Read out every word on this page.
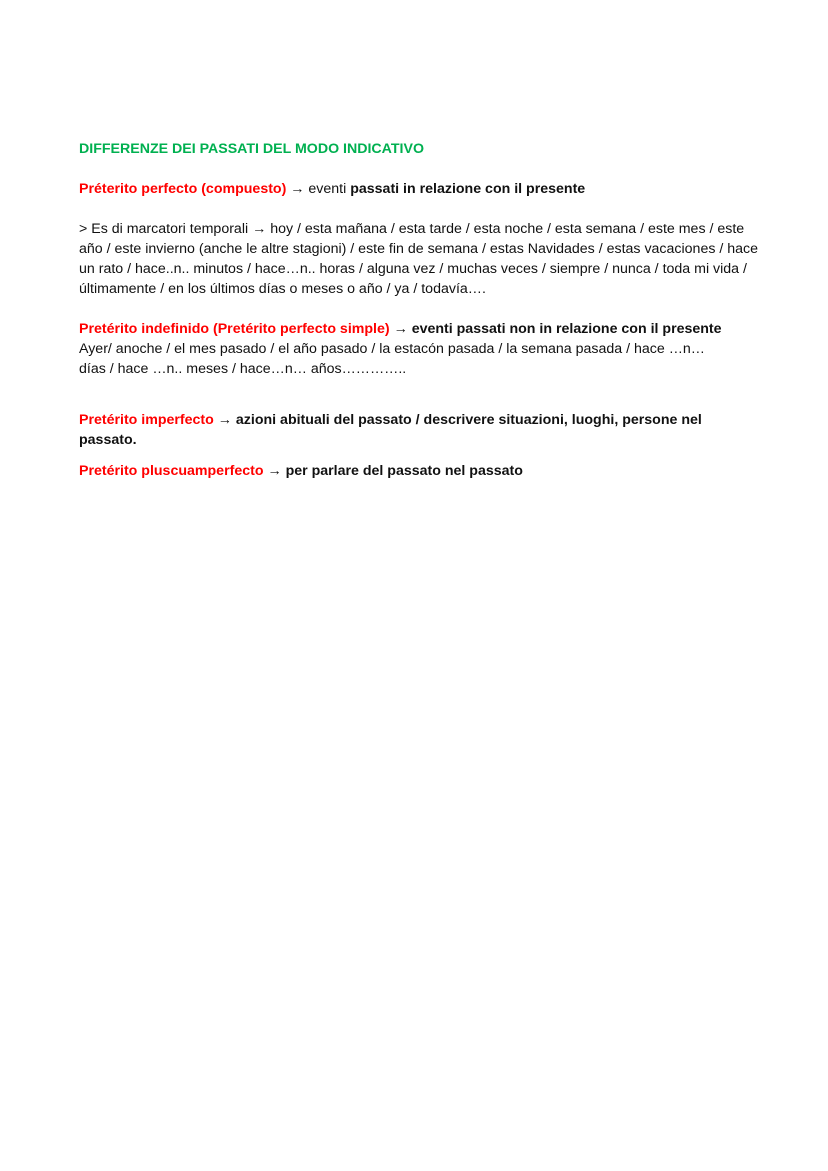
DIFFERENZE DEI PASSATI DEL MODO INDICATIVO

Préterito perfecto (compuesto) → eventi passati in relazione con il presente

> Es di marcatori temporali → hoy / esta mañana / esta tarde / esta noche / esta semana / este mes / este año / este invierno (anche le altre stagioni) / este fin de semana / estas Navidades / estas vacaciones / hace un rato / hace..n.. minutos / hace…n.. horas / alguna vez / muchas veces / siempre / nunca / toda mi vida / últimamente / en los últimos días o meses o año / ya / todavía….

Pretérito indefinido (Pretérito perfecto simple) → eventi passati non in relazione con il presente
Ayer/ anoche / el mes pasado / el año pasado / la estacón pasada / la semana pasada / hace …n…
días / hace …n.. meses / hace…n… años…………..

Pretérito imperfecto → azioni abituali del passato / descrivere situazioni, luoghi, persone nel passato.

Pretérito pluscuamperfecto → per parlare del passato nel passato
